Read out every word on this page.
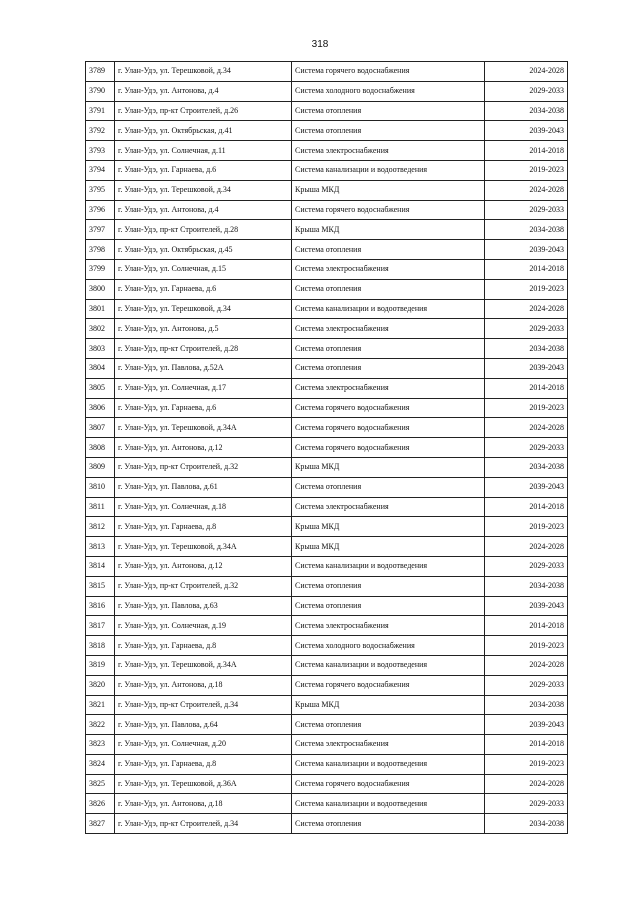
318
3789	г. Улан-Удэ, ул. Терешковой, д.34	Система горячего водоснабжения	2024-2028
3790	г. Улан-Удэ, ул. Антонова, д.4	Система холодного водоснабжения	2029-2033
3791	г. Улан-Удэ, пр-кт Строителей, д.26	Система отопления	2034-2038
3792	г. Улан-Удэ, ул. Октябрьская, д.41	Система отопления	2039-2043
3793	г. Улан-Удэ, ул. Солнечная, д.11	Система электроснабжения	2014-2018
3794	г. Улан-Удэ, ул. Гарнаева, д.6	Система канализации и водоотведения	2019-2023
3795	г. Улан-Удэ, ул. Терешковой, д.34	Крыша МКД	2024-2028
3796	г. Улан-Удэ, ул. Антонова, д.4	Система горячего водоснабжения	2029-2033
3797	г. Улан-Удэ, пр-кт Строителей, д.28	Крыша МКД	2034-2038
3798	г. Улан-Удэ, ул. Октябрьская, д.45	Система отопления	2039-2043
3799	г. Улан-Удэ, ул. Солнечная, д.15	Система электроснабжения	2014-2018
3800	г. Улан-Удэ, ул. Гарнаева, д.6	Система отопления	2019-2023
3801	г. Улан-Удэ, ул. Терешковой, д.34	Система канализации и водоотведения	2024-2028
3802	г. Улан-Удэ, ул. Антонова, д.5	Система электроснабжения	2029-2033
3803	г. Улан-Удэ, пр-кт Строителей, д.28	Система отопления	2034-2038
3804	г. Улан-Удэ, ул. Павлова, д.52А	Система отопления	2039-2043
3805	г. Улан-Удэ, ул. Солнечная, д.17	Система электроснабжения	2014-2018
3806	г. Улан-Удэ, ул. Гарнаева, д.6	Система горячего водоснабжения	2019-2023
3807	г. Улан-Удэ, ул. Терешковой, д.34А	Система горячего водоснабжения	2024-2028
3808	г. Улан-Удэ, ул. Антонова, д.12	Система горячего водоснабжения	2029-2033
3809	г. Улан-Удэ, пр-кт Строителей, д.32	Крыша МКД	2034-2038
3810	г. Улан-Удэ, ул. Павлова, д.61	Система отопления	2039-2043
3811	г. Улан-Удэ, ул. Солнечная, д.18	Система электроснабжения	2014-2018
3812	г. Улан-Удэ, ул. Гарнаева, д.8	Крыша МКД	2019-2023
3813	г. Улан-Удэ, ул. Терешковой, д.34А	Крыша МКД	2024-2028
3814	г. Улан-Удэ, ул. Антонова, д.12	Система канализации и водоотведения	2029-2033
3815	г. Улан-Удэ, пр-кт Строителей, д.32	Система отопления	2034-2038
3816	г. Улан-Удэ, ул. Павлова, д.63	Система отопления	2039-2043
3817	г. Улан-Удэ, ул. Солнечная, д.19	Система электроснабжения	2014-2018
3818	г. Улан-Удэ, ул. Гарнаева, д.8	Система холодного водоснабжения	2019-2023
3819	г. Улан-Удэ, ул. Терешковой, д.34А	Система канализации и водоотведения	2024-2028
3820	г. Улан-Удэ, ул. Антонова, д.18	Система горячего водоснабжения	2029-2033
3821	г. Улан-Удэ, пр-кт Строителей, д.34	Крыша МКД	2034-2038
3822	г. Улан-Удэ, ул. Павлова, д.64	Система отопления	2039-2043
3823	г. Улан-Удэ, ул. Солнечная, д.20	Система электроснабжения	2014-2018
3824	г. Улан-Удэ, ул. Гарнаева, д.8	Система канализации и водоотведения	2019-2023
3825	г. Улан-Удэ, ул. Терешковой, д.36А	Система горячего водоснабжения	2024-2028
3826	г. Улан-Удэ, ул. Антонова, д.18	Система канализации и водоотведения	2029-2033
3827	г. Улан-Удэ, пр-кт Строителей, д.34	Система отопления	2034-2038
